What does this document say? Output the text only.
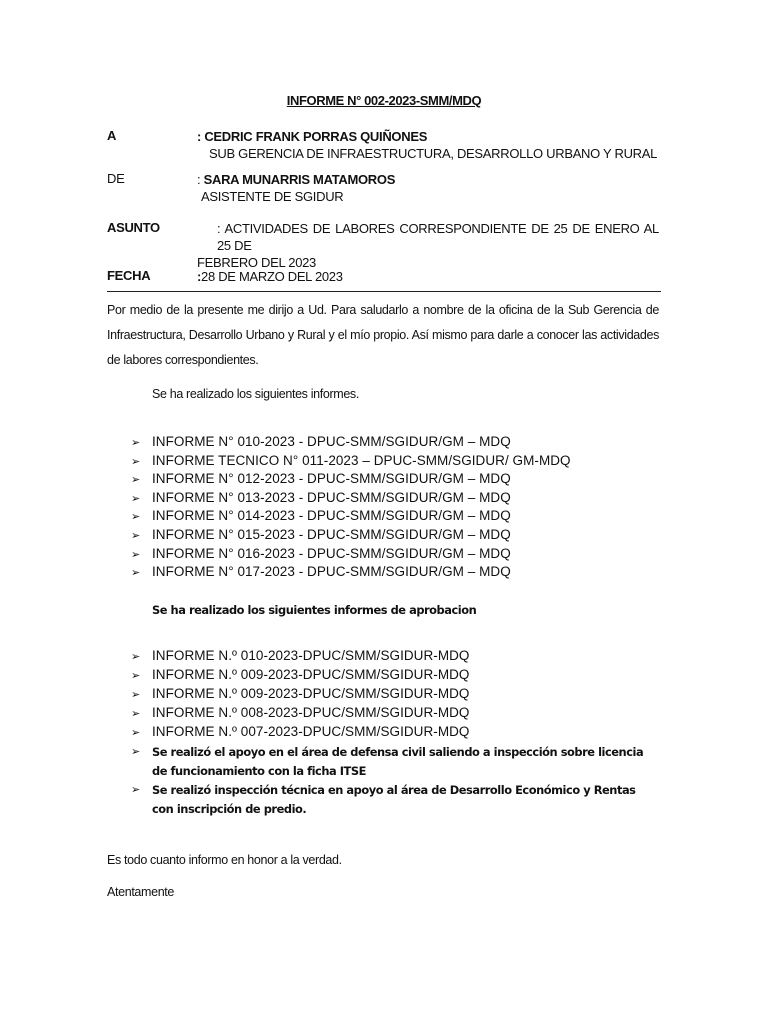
INFORME N° 002-2023-SMM/MDQ
A	: CEDRIC FRANK PORRAS QUIÑONES
SUB GERENCIA DE INFRAESTRUCTURA, DESARROLLO URBANO Y RURAL
DE	: SARA MUNARRIS MATAMOROS
ASISTENTE DE SGIDUR
ASUNTO	: ACTIVIDADES DE LABORES CORRESPONDIENTE DE 25 DE ENERO AL 25 DE
FEBRERO DEL 2023
FECHA	:28 DE MARZO DEL 2023
Por medio de la presente me dirijo a Ud. Para saludarlo a nombre de la oficina de la Sub Gerencia de Infraestructura, Desarrollo Urbano y Rural y el mío propio. Así mismo para darle a conocer las actividades de labores correspondientes.
Se ha realizado los siguientes informes.
➢ INFORME N° 010-2023 - DPUC-SMM/SGIDUR/GM – MDQ
➢ INFORME TECNICO N° 011-2023 – DPUC-SMM/SGIDUR/ GM-MDQ
➢ INFORME N° 012-2023 - DPUC-SMM/SGIDUR/GM – MDQ
➢ INFORME N° 013-2023 - DPUC-SMM/SGIDUR/GM – MDQ
➢ INFORME N° 014-2023 - DPUC-SMM/SGIDUR/GM – MDQ
➢ INFORME N° 015-2023 - DPUC-SMM/SGIDUR/GM – MDQ
➢ INFORME N° 016-2023 - DPUC-SMM/SGIDUR/GM – MDQ
➢ INFORME N° 017-2023 - DPUC-SMM/SGIDUR/GM – MDQ
Se ha realizado los siguientes informes de aprobacion
➢ INFORME N.º 010-2023-DPUC/SMM/SGIDUR-MDQ
➢ INFORME N.º 009-2023-DPUC/SMM/SGIDUR-MDQ
➢ INFORME N.º 009-2023-DPUC/SMM/SGIDUR-MDQ
➢ INFORME N.º 008-2023-DPUC/SMM/SGIDUR-MDQ
➢ INFORME N.º 007-2023-DPUC/SMM/SGIDUR-MDQ
➢	Se realizó el apoyo en el área de defensa civil saliendo a inspección sobre licencia de funcionamiento con la ficha ITSE
➢	Se realizó inspección técnica en apoyo al área de Desarrollo Económico y Rentas con inscripción de predio.
Es todo cuanto informo en honor a la verdad.
Atentamente
